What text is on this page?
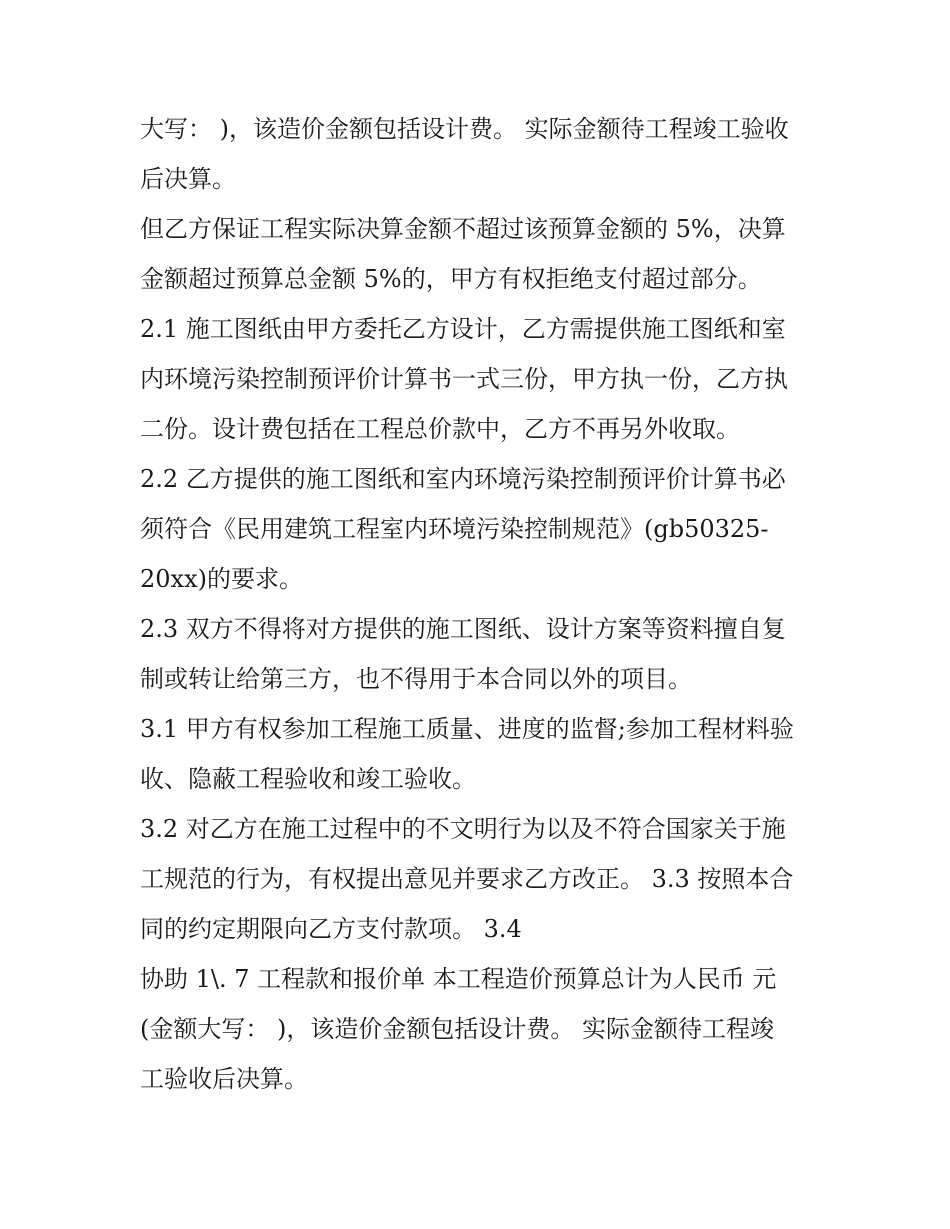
大写： )，该造价金额包括设计费。 实际金额待工程竣工验收
后决算。
但乙方保证工程实际决算金额不超过该预算金额的 5%，决算
金额超过预算总金额 5%的，甲方有权拒绝支付超过部分。
2.1 施工图纸由甲方委托乙方设计，乙方需提供施工图纸和室
内环境污染控制预评价计算书一式三份，甲方执一份，乙方执
二份。设计费包括在工程总价款中，乙方不再另外收取。
2.2 乙方提供的施工图纸和室内环境污染控制预评价计算书必
须符合《民用建筑工程室内环境污染控制规范》(gb50325-
20xx)的要求。
2.3 双方不得将对方提供的施工图纸、设计方案等资料擅自复
制或转让给第三方，也不得用于本合同以外的项目。
3.1 甲方有权参加工程施工质量、进度的监督;参加工程材料验
收、隐蔽工程验收和竣工验收。
3.2 对乙方在施工过程中的不文明行为以及不符合国家关于施
工规范的行为，有权提出意见并要求乙方改正。 3.3 按照本合
同的约定期限向乙方支付款项。 3.4
协助 1\. 7 工程款和报价单 本工程造价预算总计为人民币 元
(金额大写： )，该造价金额包括设计费。 实际金额待工程竣
工验收后决算。
